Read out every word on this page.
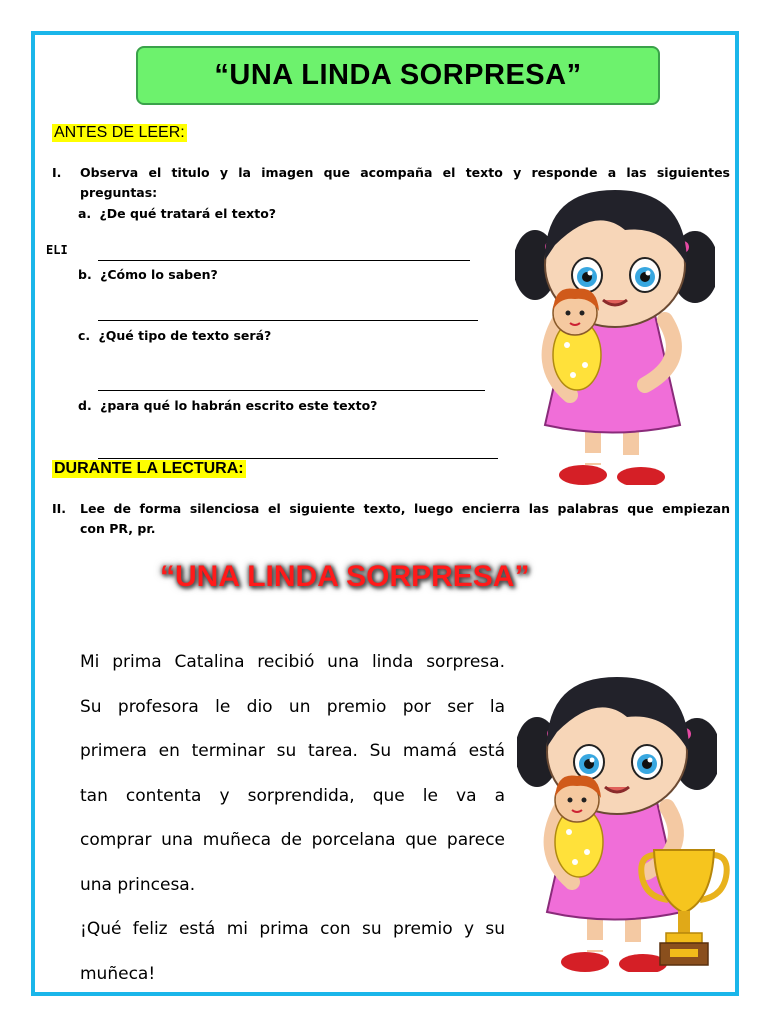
“UNA LINDA SORPRESA”
ANTES DE LEER:
I. Observa el titulo y la imagen que acompaña el texto y responde a las siguientes
preguntas:
a. ¿De qué tratará el texto?
ELI
b. ¿Cómo lo saben?
c. ¿Qué tipo de texto será?
d. ¿para qué lo habrán escrito este texto?
DURANTE LA LECTURA:
II. Lee de forma silenciosa el siguiente texto, luego encierra las palabras que empiezan
con PR, pr.
“UNA LINDA SORPRESA”

Mi prima Catalina recibió una linda sorpresa.

Su profesora le dio un premio por ser la

primera en terminar su tarea. Su mamá está

tan contenta y sorprendida, que le va a

comprar una muñeca de porcelana que parece

una princesa.

¡Qué feliz está mi prima con su premio y su

muñeca!
